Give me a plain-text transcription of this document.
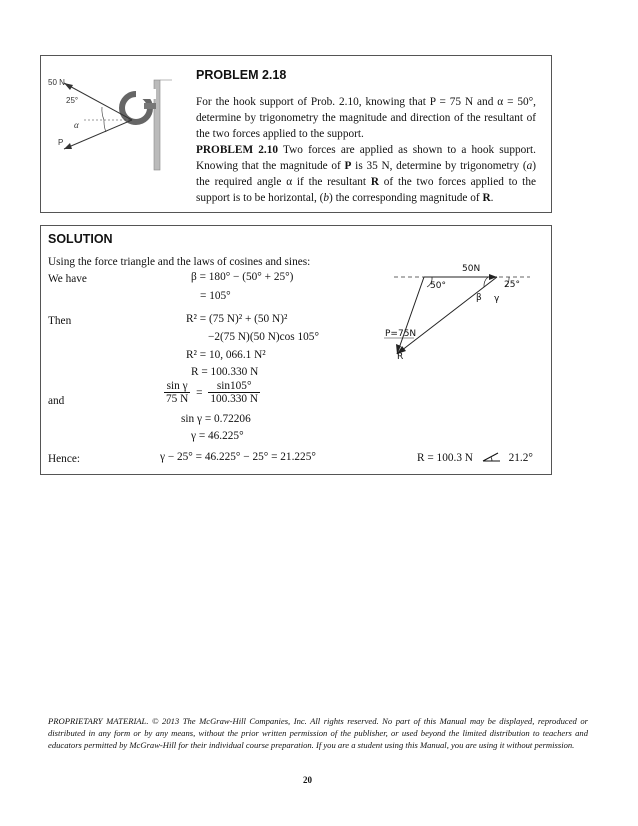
50 N
25°
α
P
PROBLEM 2.18
For the hook support of Prob. 2.10, knowing that P = 75 N and α = 50°, determine by trigonometry the magnitude and direction of the resultant of the two forces applied to the support.
PROBLEM 2.10 Two forces are applied as shown to a hook support. Knowing that the magnitude of P is 35 N, determine by trigonometry (a) the required angle α if the resultant R of the two forces applied to the support is to be horizontal, (b) the corresponding magnitude of R.
SOLUTION
Using the force triangle and the laws of cosines and sines:
We have	β = 180° − (50° + 25°)
= 105°
Then	R² = (75 N)² + (50 N)²
−2(75 N)(50 N)cos 105°
R² = 10, 066.1 N²
R = 100.330 N
and	$\frac{\text{sin γ}}{75 N} = \frac{\sin 105^\circ}{100.330 N}$
sin γ = 0.72206
γ = 46.225°
Hence:	γ − 25° = 46.225° − 25° = 21.225°	R = 100.3 N	21.2°
50N
50°	25°
β γ
P=75N
R
PROPRIETARY MATERIAL. © 2013 The McGraw-Hill Companies, Inc. All rights reserved. No part of this Manual may be displayed, reproduced or distributed in any form or by any means, without the prior written permission of the publisher, or used beyond the limited distribution to teachers and educators permitted by McGraw-Hill for their individual course preparation. If you are a student using this Manual, you are using it without permission.
20
